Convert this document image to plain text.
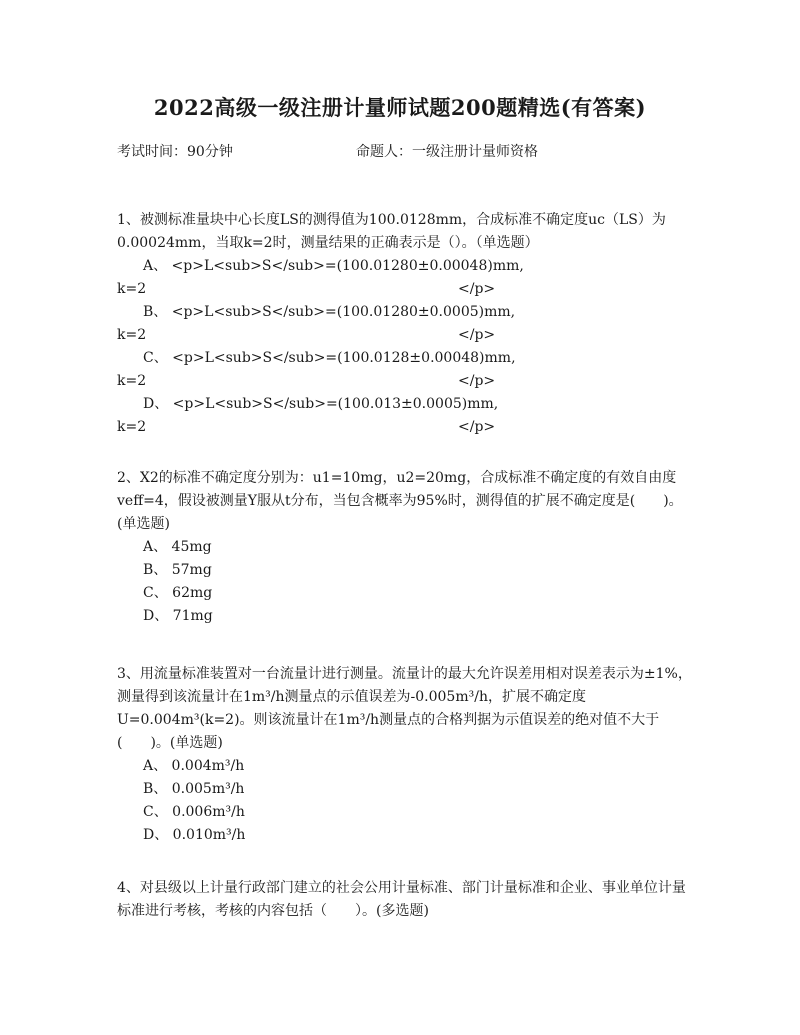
2022高级一级注册计量师试题200题精选(有答案)
考试时间：90分钟	命题人：一级注册计量师资格

1、被测标准量块中心长度LS的测得值为100.0128mm，合成标准不确定度uc（LS）为0.00024mm，当取k=2时，测量结果的正确表示是（）。（单选题）

A、 <p>L<sub>S</sub>=(100.01280±0.00048)mm,

k=2	</p>

B、 <p>L<sub>S</sub>=(100.01280±0.0005)mm,

k=2	</p>

C、 <p>L<sub>S</sub>=(100.0128±0.00048)mm,

k=2	</p>

D、 <p>L<sub>S</sub>=(100.013±0.0005)mm,

k=2	</p>

2、X2的标准不确定度分别为：u1=10mg，u2=20mg，合成标准不确定度的有效自由度veff=4，假设被测量Y服从t分布，当包含概率为95%时，测得值的扩展不确定度是(　　)。(单选题)

A、 45mg

B、 57mg

C、 62mg

D、 71mg

3、用流量标准装置对一台流量计进行测量。流量计的最大允许误差用相对误差表示为±1%，测量得到该流量计在1m³/h测量点的示值误差为-0.005m³/h，扩展不确定度U=0.004m³(k=2)。则该流量计在1m³/h测量点的合格判据为示值误差的绝对值不大于(　　)。(单选题)

A、 0.004m³/h

B、 0.005m³/h

C、 0.006m³/h

D、 0.010m³/h

4、对县级以上计量行政部门建立的社会公用计量标准、部门计量标准和企业、事业单位计量标准进行考核，考核的内容包括（　　）。(多选题)
